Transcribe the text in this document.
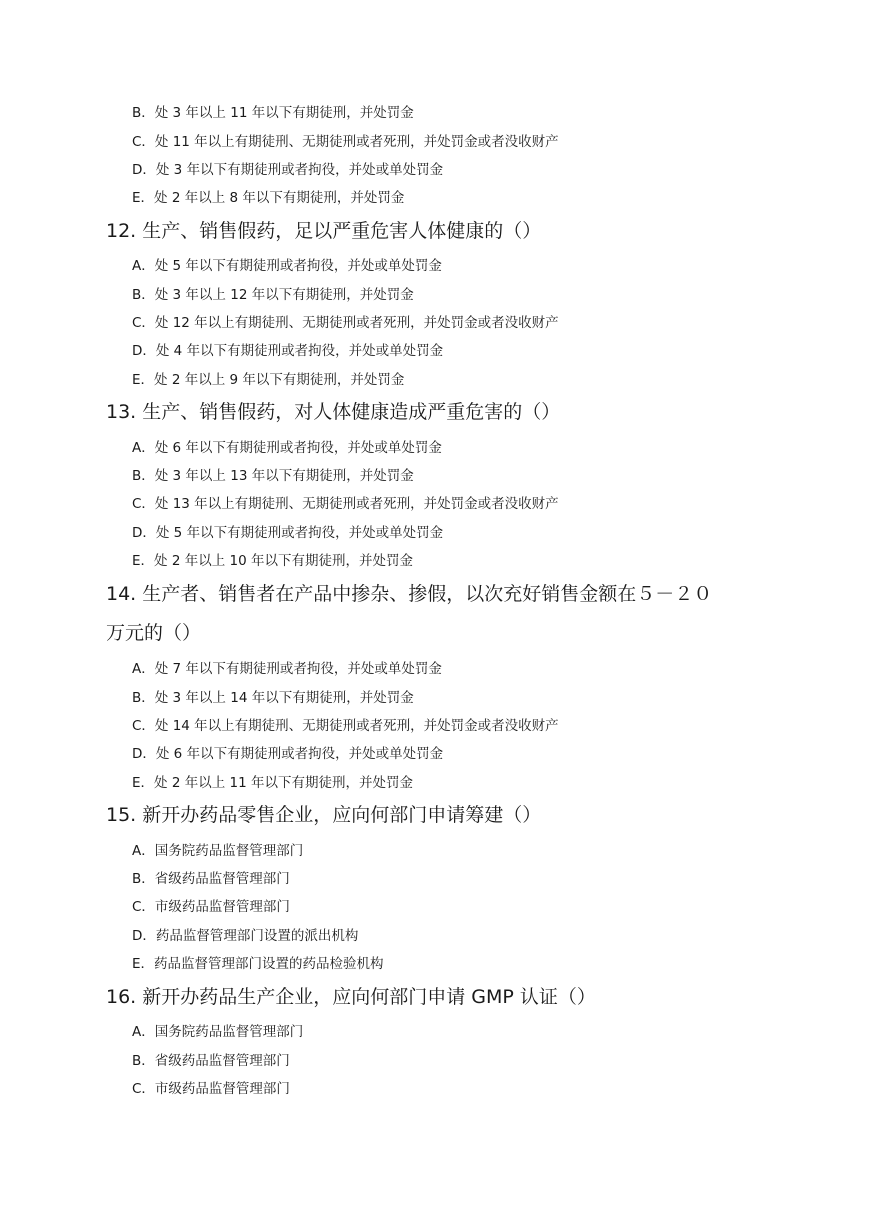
B．处 3 年以上 11 年以下有期徒刑，并处罚金
C．处 11 年以上有期徒刑、无期徒刑或者死刑，并处罚金或者没收财产
D．处 3 年以下有期徒刑或者拘役，并处或单处罚金
E．处 2 年以上 8 年以下有期徒刑，并处罚金
12. 生产、销售假药，足以严重危害人体健康的（）
A．处 5 年以下有期徒刑或者拘役，并处或单处罚金
B．处 3 年以上 12 年以下有期徒刑，并处罚金
C．处 12 年以上有期徒刑、无期徒刑或者死刑，并处罚金或者没收财产
D．处 4 年以下有期徒刑或者拘役，并处或单处罚金
E．处 2 年以上 9 年以下有期徒刑，并处罚金
13. 生产、销售假药，对人体健康造成严重危害的（）
A．处 6 年以下有期徒刑或者拘役，并处或单处罚金
B．处 3 年以上 13 年以下有期徒刑，并处罚金
C．处 13 年以上有期徒刑、无期徒刑或者死刑，并处罚金或者没收财产
D．处 5 年以下有期徒刑或者拘役，并处或单处罚金
E．处 2 年以上 10 年以下有期徒刑，并处罚金
14. 生产者、销售者在产品中掺杂、掺假，以次充好销售金额在５－２０
万元的（）
A．处 7 年以下有期徒刑或者拘役，并处或单处罚金
B．处 3 年以上 14 年以下有期徒刑，并处罚金
C．处 14 年以上有期徒刑、无期徒刑或者死刑，并处罚金或者没收财产
D．处 6 年以下有期徒刑或者拘役，并处或单处罚金
E．处 2 年以上 11 年以下有期徒刑，并处罚金
15. 新开办药品零售企业，应向何部门申请筹建（）
A．国务院药品监督管理部门
B．省级药品监督管理部门
C．市级药品监督管理部门
D．药品监督管理部门设置的派出机构
E．药品监督管理部门设置的药品检验机构
16. 新开办药品生产企业，应向何部门申请 GMP 认证（）
A．国务院药品监督管理部门
B．省级药品监督管理部门
C．市级药品监督管理部门
